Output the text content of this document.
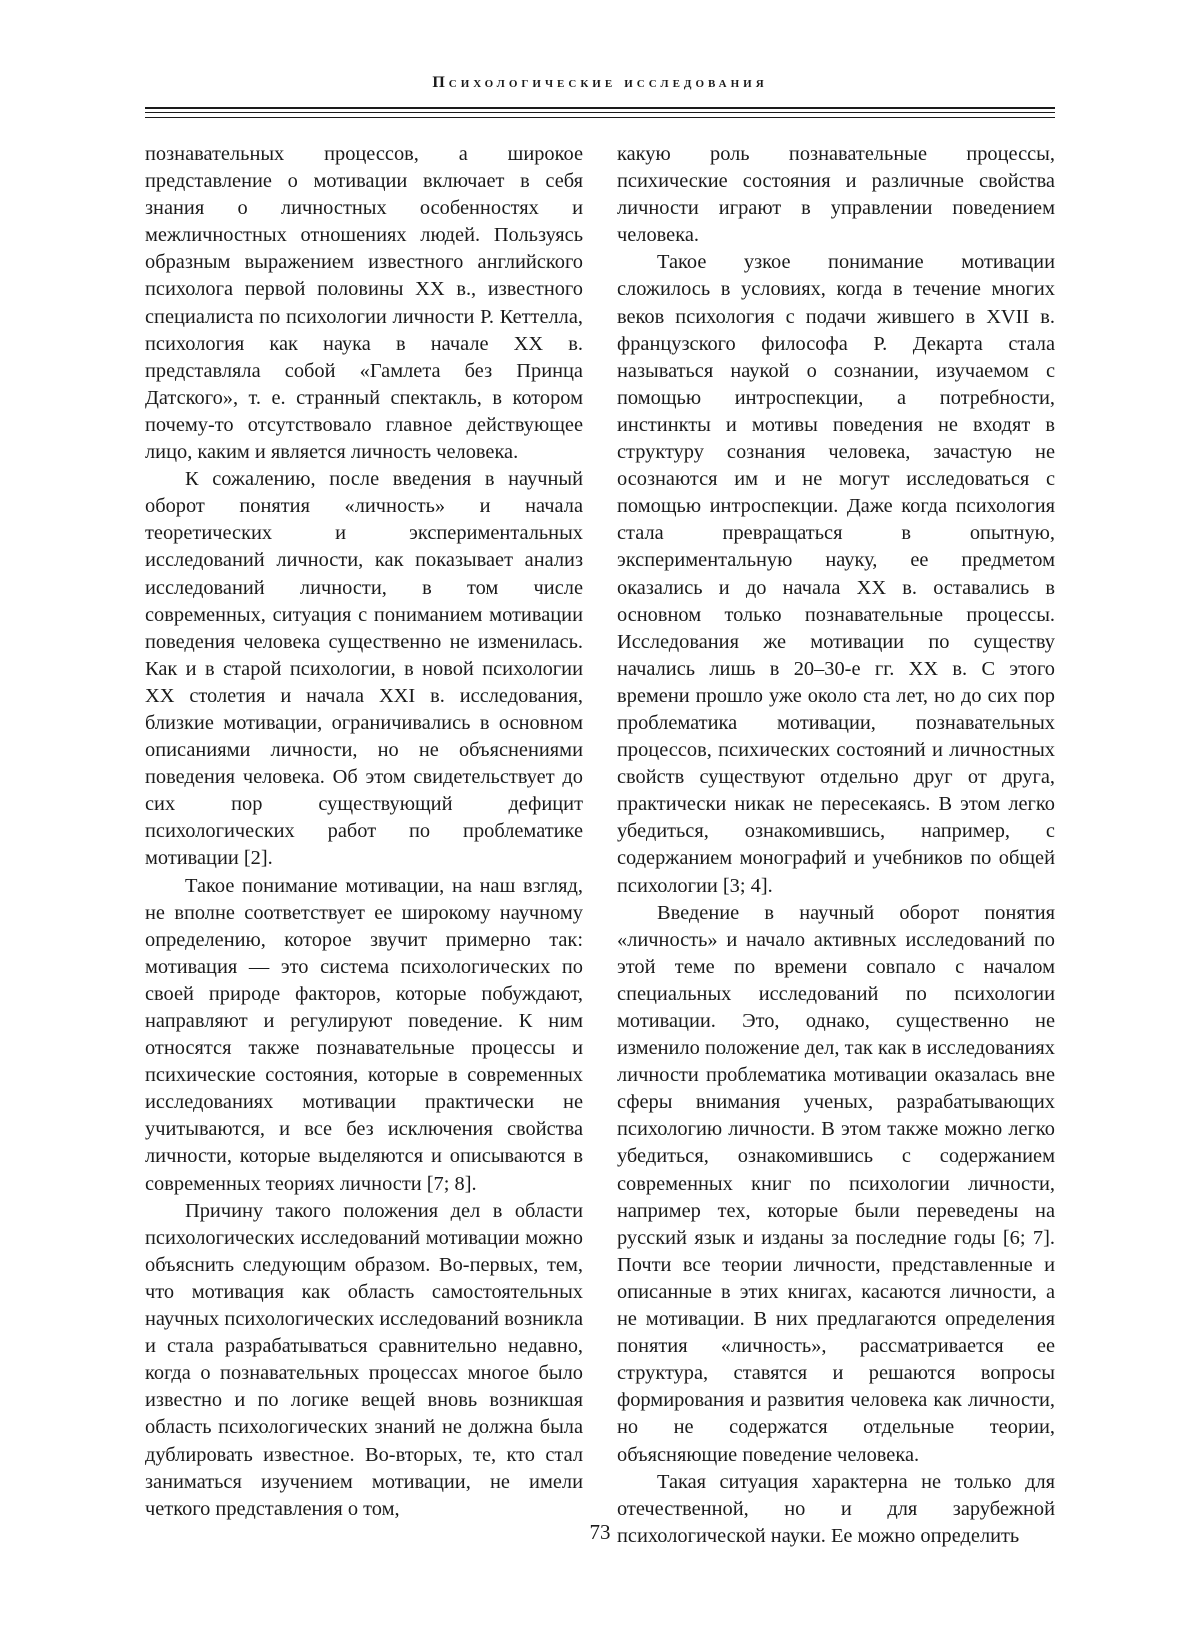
Психологические исследования

познавательных процессов, а широкое представление о мотивации включает в себя знания о личностных особенностях и межличностных отношениях людей. Пользуясь образным выражением известного английского психолога первой половины XX в., известного специалиста по психологии личности Р. Кеттелла, психология как наука в начале XX в. представляла собой «Гамлета без Принца Датского», т. е. странный спектакль, в котором почему-то отсутствовало главное действующее лицо, каким и является личность человека.

К сожалению, после введения в научный оборот понятия «личность» и начала теоретических и экспериментальных исследований личности, как показывает анализ исследований личности, в том числе современных, ситуация с пониманием мотивации поведения человека существенно не изменилась. Как и в старой психологии, в новой психологии XX столетия и начала XXI в. исследования, близкие мотивации, ограничивались в основном описаниями личности, но не объяснениями поведения человека. Об этом свидетельствует до сих пор существующий дефицит психологических работ по проблематике мотивации [2].

Такое понимание мотивации, на наш взгляд, не вполне соответствует ее широкому научному определению, которое звучит примерно так: мотивация — это система психологических по своей природе факторов, которые побуждают, направляют и регулируют поведение. К ним относятся также познавательные процессы и психические состояния, которые в современных исследованиях мотивации практически не учитываются, и все без исключения свойства личности, которые выделяются и описываются в современных теориях личности [7; 8].

Причину такого положения дел в области психологических исследований мотивации можно объяснить следующим образом. Во-первых, тем, что мотивация как область самостоятельных научных психологических исследований возникла и стала разрабатываться сравнительно недавно, когда о познавательных процессах многое было известно и по логике вещей вновь возникшая область психологических знаний не должна была дублировать известное. Во-вторых, те, кто стал заниматься изучением мотивации, не имели четкого представления о том,

какую роль познавательные процессы, психические состояния и различные свойства личности играют в управлении поведением человека.

Такое узкое понимание мотивации сложилось в условиях, когда в течение многих веков психология с подачи жившего в XVII в. французского философа Р. Декарта стала называться наукой о сознании, изучаемом с помощью интроспекции, а потребности, инстинкты и мотивы поведения не входят в структуру сознания человека, зачастую не осознаются им и не могут исследоваться с помощью интроспекции. Даже когда психология стала превращаться в опытную, экспериментальную науку, ее предметом оказались и до начала XX в. оставались в основном только познавательные процессы. Исследования же мотивации по существу начались лишь в 20–30-е гг. XX в. С этого времени прошло уже около ста лет, но до сих пор проблематика мотивации, познавательных процессов, психических состояний и личностных свойств существуют отдельно друг от друга, практически никак не пересекаясь. В этом легко убедиться, ознакомившись, например, с содержанием монографий и учебников по общей психологии [3; 4].

Введение в научный оборот понятия «личность» и начало активных исследований по этой теме по времени совпало с началом специальных исследований по психологии мотивации. Это, однако, существенно не изменило положение дел, так как в исследованиях личности проблематика мотивации оказалась вне сферы внимания ученых, разрабатывающих психологию личности. В этом также можно легко убедиться, ознакомившись с содержанием современных книг по психологии личности, например тех, которые были переведены на русский язык и изданы за последние годы [6; 7]. Почти все теории личности, представленные и описанные в этих книгах, касаются личности, а не мотивации. В них предлагаются определения понятия «личность», рассматривается ее структура, ставятся и решаются вопросы формирования и развития человека как личности, но не содержатся отдельные теории, объясняющие поведение человека.

Такая ситуация характерна не только для отечественной, но и для зарубежной психологической науки. Ее можно определить

73
